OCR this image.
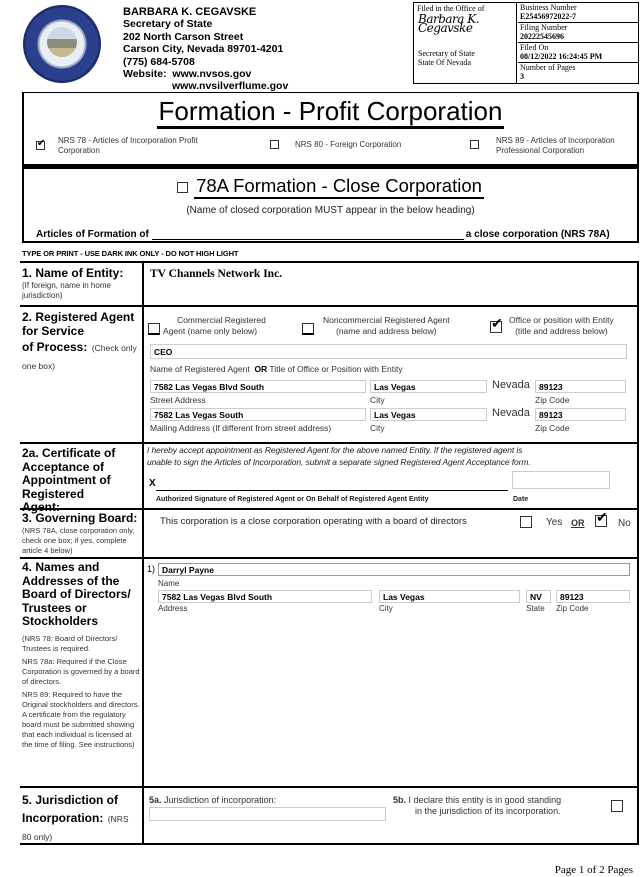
BARBARA K. CEGAVSKE
Secretary of State
202 North Carson Street
Carson City, Nevada 89701-4201
(775) 684-5708
Website: www.nvsos.gov
www.nvsilverflume.gov
Filed in the Office of
Barbara K. Cegavske
Secretary of State
State Of Nevada
Business Number
E25456972022-7
Filing Number
20222545696
Filed On
08/12/2022 16:24:45 PM
Number of Pages
3
Formation - Profit Corporation
✔
NRS 78 - Articles of Incorporation Profit
Corporation
NRS 80 - Foreign Corporation	NRS 89 - Articles of Incorporation
Professional Corporation
78A Formation - Close Corporation
(Name of closed corporation MUST appear in the below heading)
Articles of Formation of	a close corporation (NRS 78A)
TYPE OR PRINT - USE DARK INK ONLY - DO NOT HIGH LIGHT
1. Name of Entity:
(If foreign, name in home jurisdiction)
TV Channels Network Inc.
2. Registered Agent for Service
of Process: (Check only one box)
Commercial Registered
Agent (name only below)
Noncommercial Registered Agent
(name and address below)
✔
Office or position with Entity
(title and address below)
CEO
Name of Registered Agent OR Title of Office or Position with Entity
7582 Las Vegas Blvd South	Las Vegas	Nevada	89123
Street Address	City	Zip Code
7582 Las Vegas South	Las Vegas	Nevada	89123
Mailing Address (If different from street address)	City	Zip Code
2a. Certificate of Acceptance of Appointment of Registered Agent:
I hereby accept appointment as Registered Agent for the above named Entity. If the registered agent is
unable to sign the Articles of Incorporation, submit a separate signed Registered Agent Acceptance form.
X
Authorized Signature of Registered Agent or On Behalf of Registered Agent Entity	Date
3. Governing Board:
(NRS 78A, close corporation only, check one box; if yes, complete article 4 below)
This corporation is a close corporation operating with a board of directors	Yes OR ✔	No
4. Names and Addresses of the Board of Directors/ Trustees or Stockholders
(NRS 78: Board of Directors/ Trustees is required.
NRS 78a: Required if the Close Corporation is governed by a board of directors.
NRS 89: Required to have the Original stockholders and directors. A certificate from the regulatory board must be submitted showing that each individual is licensed at the time of filing. See instructions)
1) Darryl Payne
Name
7582 Las Vegas Blvd South	Las Vegas	NV	89123
Address	City	State Zip Code
5. Jurisdiction of Incorporation: (NRS 80 only)
5a. Jurisdiction of incorporation:	5b. I declare this entity is in good standing
in the jurisdiction of its incorporation.
Page 1 of 2 Pages
